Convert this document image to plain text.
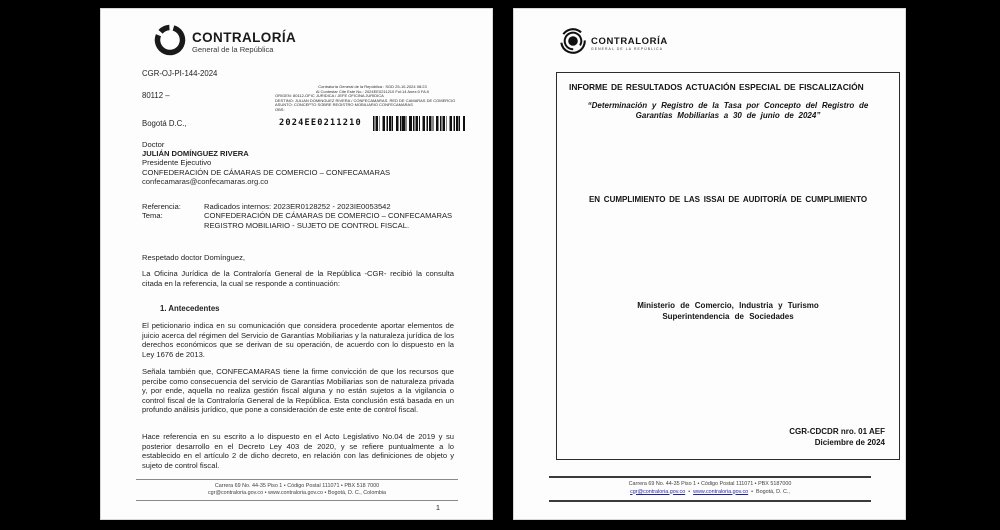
CONTRALORÍA
General de la República
CGR-OJ-PI-144-2024
80112 –
Contraloría General de la República : SGD 25-10-2024 08:23
Al Contestar Cite Este No.: 2024EE0211210 Fol:14 Anex:0 FA:0
ORIGEN: 80112-OFIC JURIDICA / JEFE OFICINA JURIDICA
DESTINO: JULIAN DOMINGUEZ RIVERA / CONFECAMARAS. RED DE CAMARAS DE COMERCIO
ASUNTO: CONCEPTO SOBRE REGISTRO MOBILIARIO CONFECAMARAS
OBS:
Bogotá D.C.,	2024EE0211210
Doctor
JULIÁN DOMÍNGUEZ RIVERA
Presidente Ejecutivo
CONFEDERACIÓN DE CÁMARAS DE COMERCIO – CONFECAMARAS
confecamaras@confecamaras.org.co
Referencia:	Radicados internos: 2023ER0128252 - 2023IE0053542
Tema:	CONFEDERACIÓN DE CÁMARAS DE COMERCIO – CONFECAMARAS REGISTRO MOBILIARIO - SUJETO DE CONTROL FISCAL.
Respetado doctor Domínguez,
La Oficina Jurídica de la Contraloría General de la República -CGR- recibió la consulta citada en la referencia, la cual se responde a continuación:
1. Antecedentes
El peticionario indica en su comunicación que considera procedente aportar elementos de juicio acerca del régimen del Servicio de Garantías Mobiliarias y la naturaleza jurídica de los derechos económicos que se derivan de su operación, de acuerdo con lo dispuesto en la Ley 1676 de 2013.
Señala también que, CONFECAMARAS tiene la firme convicción de que los recursos que percibe como consecuencia del servicio de Garantías Mobiliarias son de naturaleza privada y, por ende, aquella no realiza gestión fiscal alguna y no están sujetos a la vigilancia o control fiscal de la Contraloría General de la República. Esta conclusión está basada en un profundo análisis jurídico, que pone a consideración de este ente de control fiscal.
Hace referencia en su escrito a lo dispuesto en el Acto Legislativo No.04 de 2019 y su posterior desarrollo en el Decreto Ley 403 de 2020, y se refiere puntualmente a lo establecido en el artículo 2 de dicho decreto, en relación con las definiciones de objeto y sujeto de control fiscal.
Carrera 69 No. 44-35 Piso 1 • Código Postal 111071 • PBX 518 7000
cgr@contraloria.gov.co • www.contraloria.gov.co • Bogotá, D. C., Colombia
1
CONTRALORÍA
GENERAL DE LA REPÚBLICA
INFORME DE RESULTADOS ACTUACIÓN ESPECIAL DE FISCALIZACIÓN
“Determinación y Registro de la Tasa por Concepto del Registro de Garantías Mobiliarias a 30 de junio de 2024”
EN CUMPLIMIENTO DE LAS ISSAI DE AUDITORÍA DE CUMPLIMIENTO
Ministerio de Comercio, Industria y Turismo
Superintendencia de Sociedades
CGR-CDCDR nro. 01 AEF
Diciembre de 2024
Carrera 69 No. 44-35 Piso 1 • Código Postal 111071 • PBX 5187000
cgr@contraloria.gov.co • www.contraloria.gov.co • Bogotá, D. C.,
